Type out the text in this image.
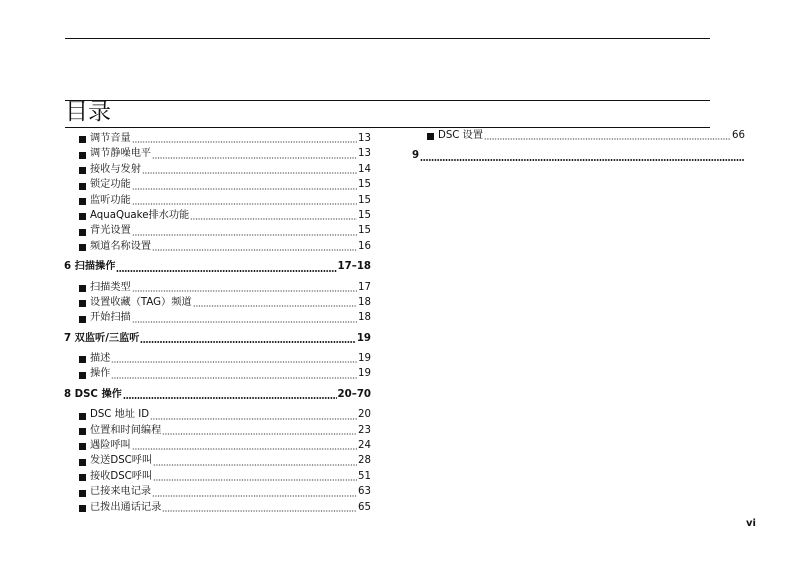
目录
调节音量	13
调节静噪电平	13
接收与发射	14
锁定功能	15
监听功能	15
AquaQuake排水功能	15
背光设置	15
频道名称设置	16
6 扫描操作	17–18
扫描类型	17
设置收藏（TAG）频道	18
开始扫描	18
7 双监听/三监听	19
描述	19
操作	19
8 DSC 操作	20–70
DSC 地址 ID	20
位置和时间编程	23
遇险呼叫	24
发送DSC呼叫	28
接收DSC呼叫	51
已接来电记录	63
已拨出通话记录	65
DSC 设置	66
9
vi
